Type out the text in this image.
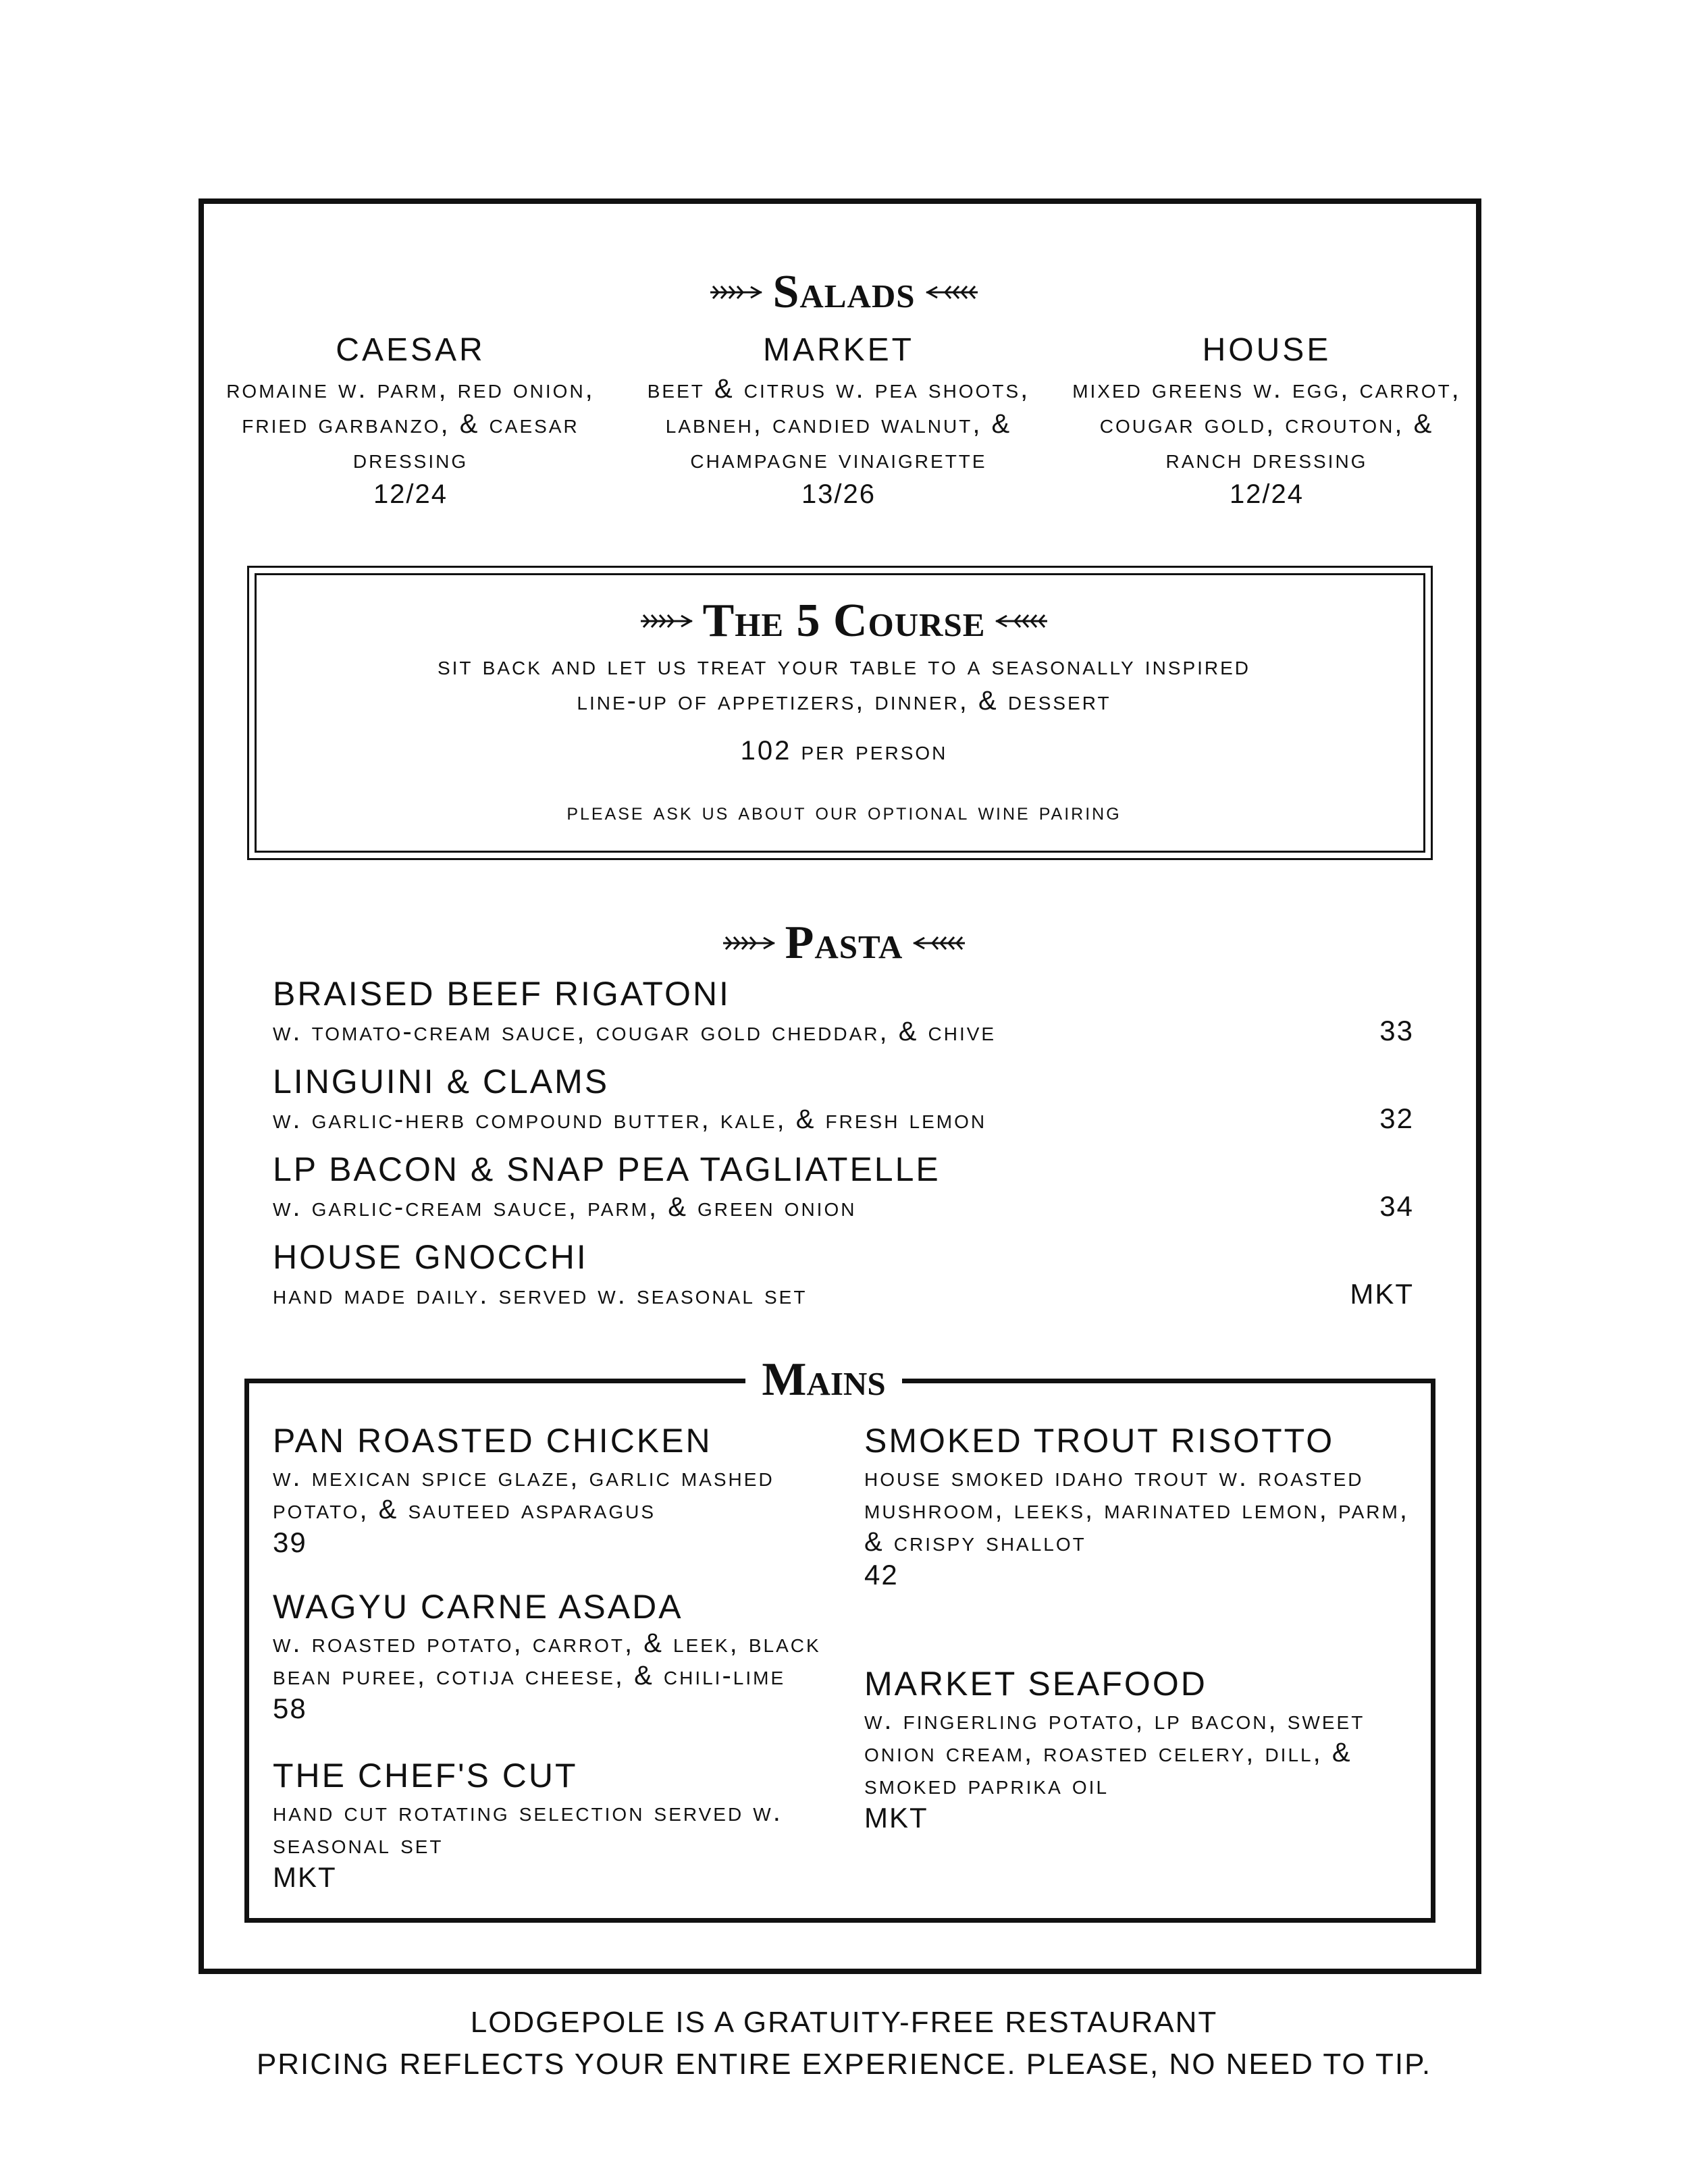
Salads
CAESAR
romaine w. parm, red onion, fried garbanzo, & caesar dressing
12/24
MARKET
beet & citrus w. pea shoots, labneh, candied walnut, & champagne vinaigrette
13/26
HOUSE
mixed greens w. egg, carrot, cougar gold, crouton, & ranch dressing
12/24
The 5 Course
sit back and let us treat your table to a seasonally inspired
line-up of appetizers, dinner, & dessert
102 per person
please ask us about our optional wine pairing
Pasta
BRAISED BEEF RIGATONI
w. tomato-cream sauce, cougar gold cheddar, & chive	33
LINGUINI & CLAMS
w. garlic-herb compound butter, kale, & fresh lemon	32
LP BACON & SNAP PEA TAGLIATELLE
w. garlic-cream sauce, parm, & green onion	34
HOUSE GNOCCHI
hand made daily. served w. seasonal set	MKT
Mains
PAN ROASTED CHICKEN
w. mexican spice glaze, garlic mashed potato, & sauteed asparagus
39
WAGYU CARNE ASADA
w. roasted potato, carrot, & leek, black bean puree, cotija cheese, & chili-lime
58
THE CHEF'S CUT
hand cut rotating selection served w. seasonal set
MKT
SMOKED TROUT RISOTTO
house smoked idaho trout w. roasted mushroom, leeks, marinated lemon, parm, & crispy shallot
42
MARKET SEAFOOD
w. fingerling potato, lp bacon, sweet onion cream, roasted celery, dill, & smoked paprika oil
MKT
LODGEPOLE IS A GRATUITY-FREE RESTAURANT
PRICING REFLECTS YOUR ENTIRE EXPERIENCE. PLEASE, NO NEED TO TIP.
